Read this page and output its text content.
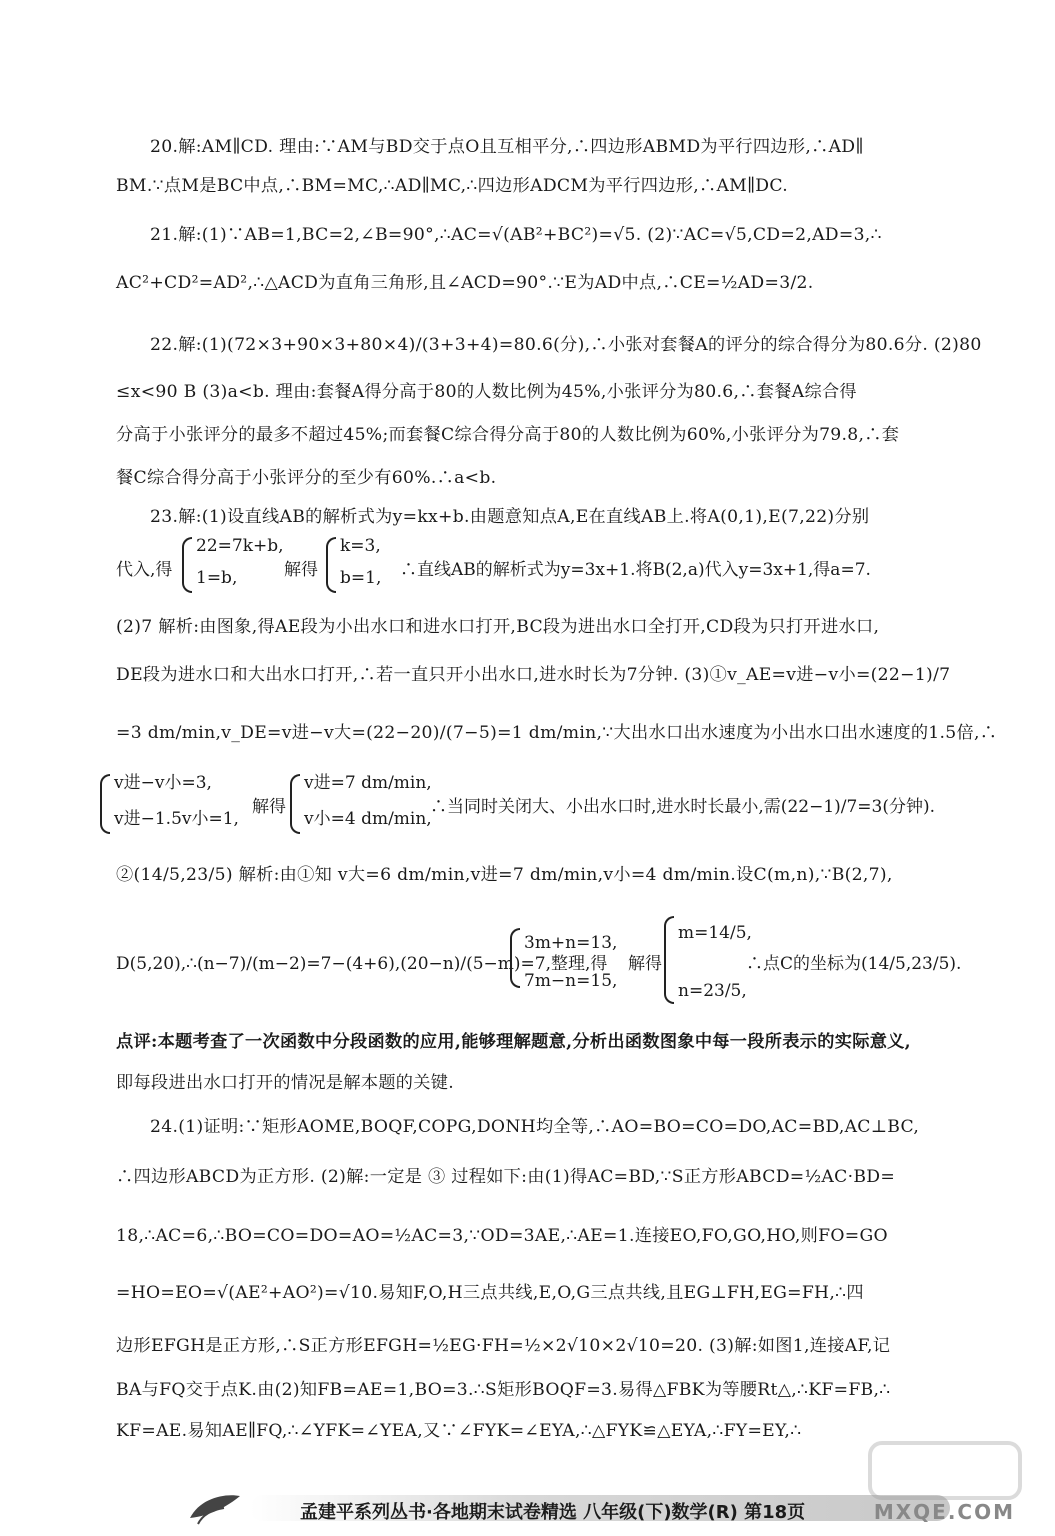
20.解:AM∥CD. 理由:∵AM与BD交于点O且互相平分,∴四边形ABMD为平行四边形,∴AD∥
BM.∵点M是BC中点,∴BM=MC,∴AD∥MC,∴四边形ADCM为平行四边形,∴AM∥DC.
21.解:(1)∵AB=1,BC=2,∠B=90°,∴AC=√(AB²+BC²)=√5. (2)∵AC=√5,CD=2,AD=3,∴
AC²+CD²=AD²,∴△ACD为直角三角形,且∠ACD=90°.∵E为AD中点,∴CE=½AD=3/2.
22.解:(1)(72×3+90×3+80×4)/(3+3+4)=80.6(分),∴小张对套餐A的评分的综合得分为80.6分. (2)80
≤x<90 B (3)a<b. 理由:套餐A得分高于80的人数比例为45%,小张评分为80.6,∴套餐A综合得
分高于小张评分的最多不超过45%;而套餐C综合得分高于80的人数比例为60%,小张评分为79.8,∴套
餐C综合得分高于小张评分的至少有60%.∴a<b.
23.解:(1)设直线AB的解析式为y=kx+b.由题意知点A,E在直线AB上.将A(0,1),E(7,22)分别
代入,得
22=7k+b,
1=b,	解得
k=3,
b=1, ∴直线AB的解析式为y=3x+1.将B(2,a)代入y=3x+1,得a=7.
(2)7 解析:由图象,得AE段为小出水口和进水口打开,BC段为进出水口全打开,CD段为只打开进水口,
DE段为进水口和大出水口打开,∴若一直只开小出水口,进水时长为7分钟. (3)①v_AE=v进−v小=(22−1)/7
=3 dm/min,v_DE=v进−v大=(22−20)/(7−5)=1 dm/min,∵大出水口出水速度为小出水口出水速度的1.5倍,∴
v进−v小=3,
v进−1.5v小=1,
解得
v进=7 dm/min,
v小=4 dm/min,
∴当同时关闭大、小出水口时,进水时长最小,需(22−1)/7=3(分钟).
②(14/5,23/5) 解析:由①知 v大=6 dm/min,v进=7 dm/min,v小=4 dm/min.设C(m,n),∵B(2,7),
D(5,20),∴(n−7)/(m−2)=7−(4+6),(20−n)/(5−m)=7,整理,得
3m+n=13,
7m−n=15,
解得
m=14/5,
n=23/5,
∴点C的坐标为(14/5,23/5).
点评:本题考查了一次函数中分段函数的应用,能够理解题意,分析出函数图象中每一段所表示的实际意义,
即每段进出水口打开的情况是解本题的关键.
24.(1)证明:∵矩形AOME,BOQF,COPG,DONH均全等,∴AO=BO=CO=DO,AC=BD,AC⊥BC,
∴四边形ABCD为正方形. (2)解:一定是 ③ 过程如下:由(1)得AC=BD,∵S正方形ABCD=½AC·BD=
18,∴AC=6,∴BO=CO=DO=AO=½AC=3,∵OD=3AE,∴AE=1.连接EO,FO,GO,HO,则FO=GO
=HO=EO=√(AE²+AO²)=√10.易知F,O,H三点共线,E,O,G三点共线,且EG⊥FH,EG=FH,∴四
边形EFGH是正方形,∴S正方形EFGH=½EG·FH=½×2√10×2√10=20. (3)解:如图1,连接AF,记
BA与FQ交于点K.由(2)知FB=AE=1,BO=3.∴S矩形BOQF=3.易得△FBK为等腰Rt△,∴KF=FB,∴
KF=AE.易知AE∥FQ,∴∠YFK=∠YEA,又∵∠FYK=∠EYA,∴△FYK≌△EYA,∴FY=EY,∴
孟建平系列丛书·各地期末试卷精选 八年级(下)数学(R) 第18页	MXQE.COM
